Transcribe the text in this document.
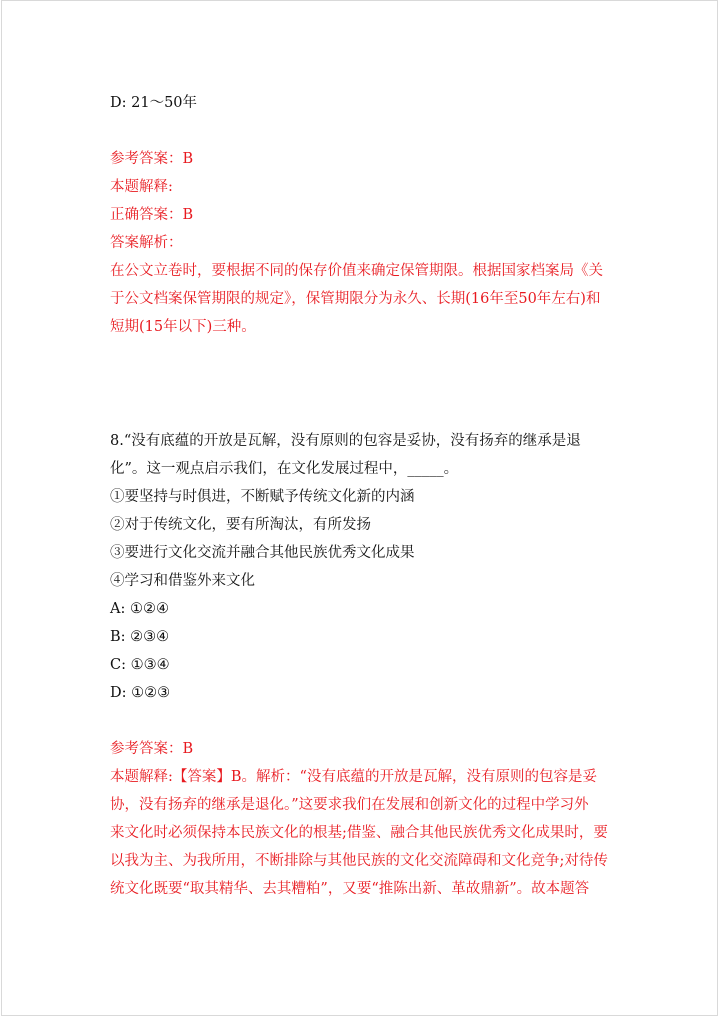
D: 21～50年
参考答案：B
本题解释:
正确答案：B
答案解析：
在公文立卷时，要根据不同的保存价值来确定保管期限。根据国家档案局《关
于公文档案保管期限的规定》，保管期限分为永久、长期(16年至50年左右)和
短期(15年以下)三种。
8.“没有底蕴的开放是瓦解，没有原则的包容是妥协，没有扬弃的继承是退
化”。这一观点启示我们，在文化发展过程中，_____。
①要坚持与时俱进，不断赋予传统文化新的内涵
②对于传统文化，要有所淘汰，有所发扬
③要进行文化交流并融合其他民族优秀文化成果
④学习和借鉴外来文化
A: ①②④
B: ②③④
C: ①③④
D: ①②③
参考答案：B
本题解释:【答案】B。解析：“没有底蕴的开放是瓦解，没有原则的包容是妥
协，没有扬弃的继承是退化。”这要求我们在发展和创新文化的过程中学习外
来文化时必须保持本民族文化的根基;借鉴、融合其他民族优秀文化成果时，要
以我为主、为我所用，不断排除与其他民族的文化交流障碍和文化竞争;对待传
统文化既要“取其精华、去其糟粕”，又要“推陈出新、革故鼎新”。故本题答
